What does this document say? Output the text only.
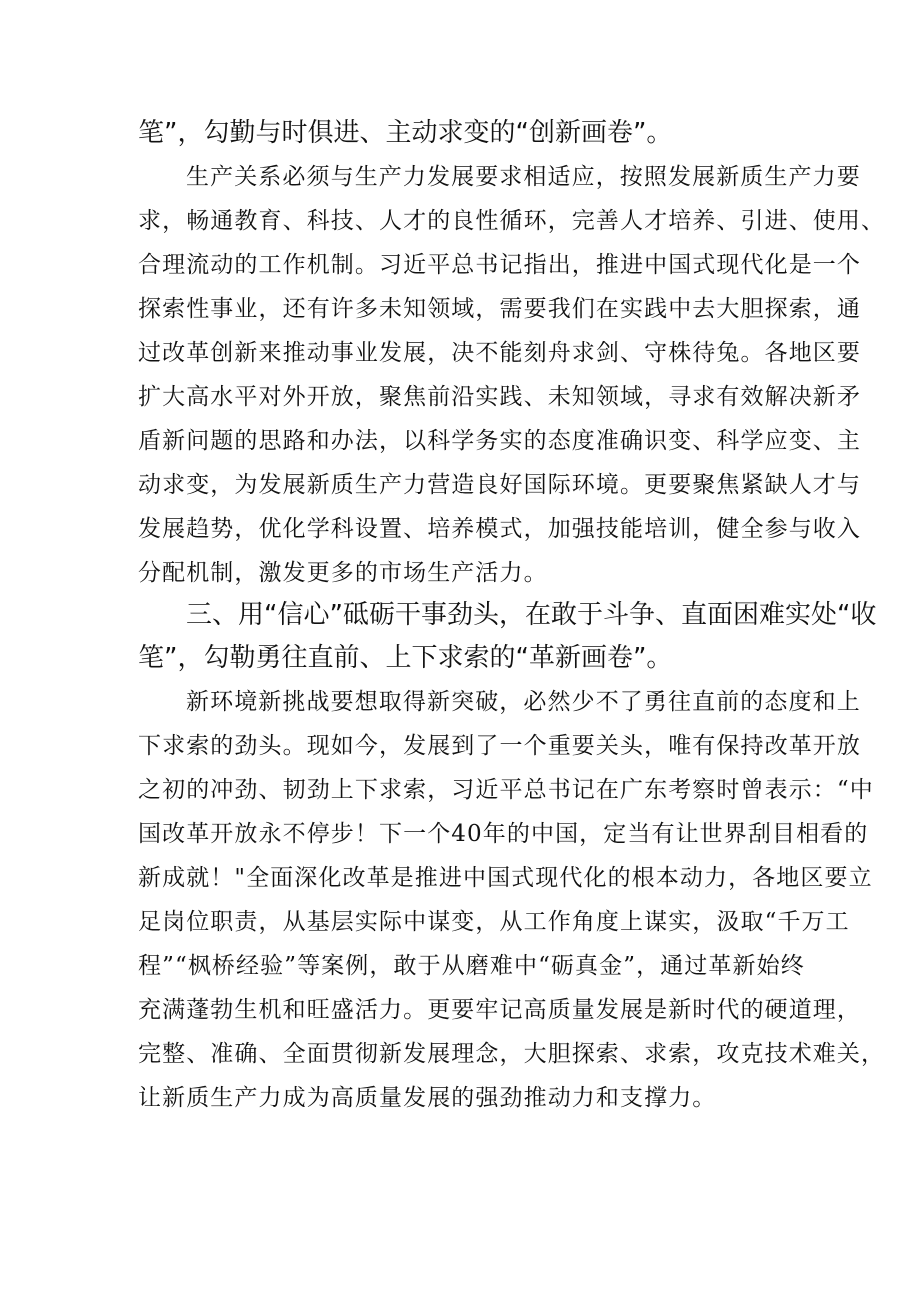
笔”，勾勤与时俱进、主动求变的“创新画卷”。

生产关系必须与生产力发展要求相适应，按照发展新质生产力要

求，畅通教育、科技、人才的良性循环，完善人才培养、引进、使用、

合理流动的工作机制。习近平总书记指出，推进中国式现代化是一个

探索性事业，还有许多未知领域，需要我们在实践中去大胆探索，通

过改革创新来推动事业发展，决不能刻舟求剑、守株待兔。各地区要

扩大高水平对外开放，聚焦前沿实践、未知领域，寻求有效解决新矛

盾新问题的思路和办法，以科学务实的态度准确识变、科学应变、主

动求变，为发展新质生产力营造良好国际环境。更要聚焦紧缺人才与

发展趋势，优化学科设置、培养模式，加强技能培训，健全参与收入

分配机制，激发更多的市场生产活力。

三、用“信心”砥砺干事劲头，在敢于斗争、直面困难实处“收

笔”，勾勒勇往直前、上下求索的“革新画卷”。

新环境新挑战要想取得新突破，必然少不了勇往直前的态度和上

下求索的劲头。现如今，发展到了一个重要关头，唯有保持改革开放

之初的冲劲、韧劲上下求索，习近平总书记在广东考察时曾表示：“中

国改革开放永不停步！下一个40年的中国，定当有让世界刮目相看的

新成就！"全面深化改革是推进中国式现代化的根本动力，各地区要立

足岗位职责，从基层实际中谋变，从工作角度上谋实，汲取“千万工

程”“枫桥经验”等案例，敢于从磨难中“砺真金”，通过革新始终

充满蓬勃生机和旺盛活力。更要牢记高质量发展是新时代的硬道理，

完整、准确、全面贯彻新发展理念，大胆探索、求索，攻克技术难关，

让新质生产力成为高质量发展的强劲推动力和支撑力。
